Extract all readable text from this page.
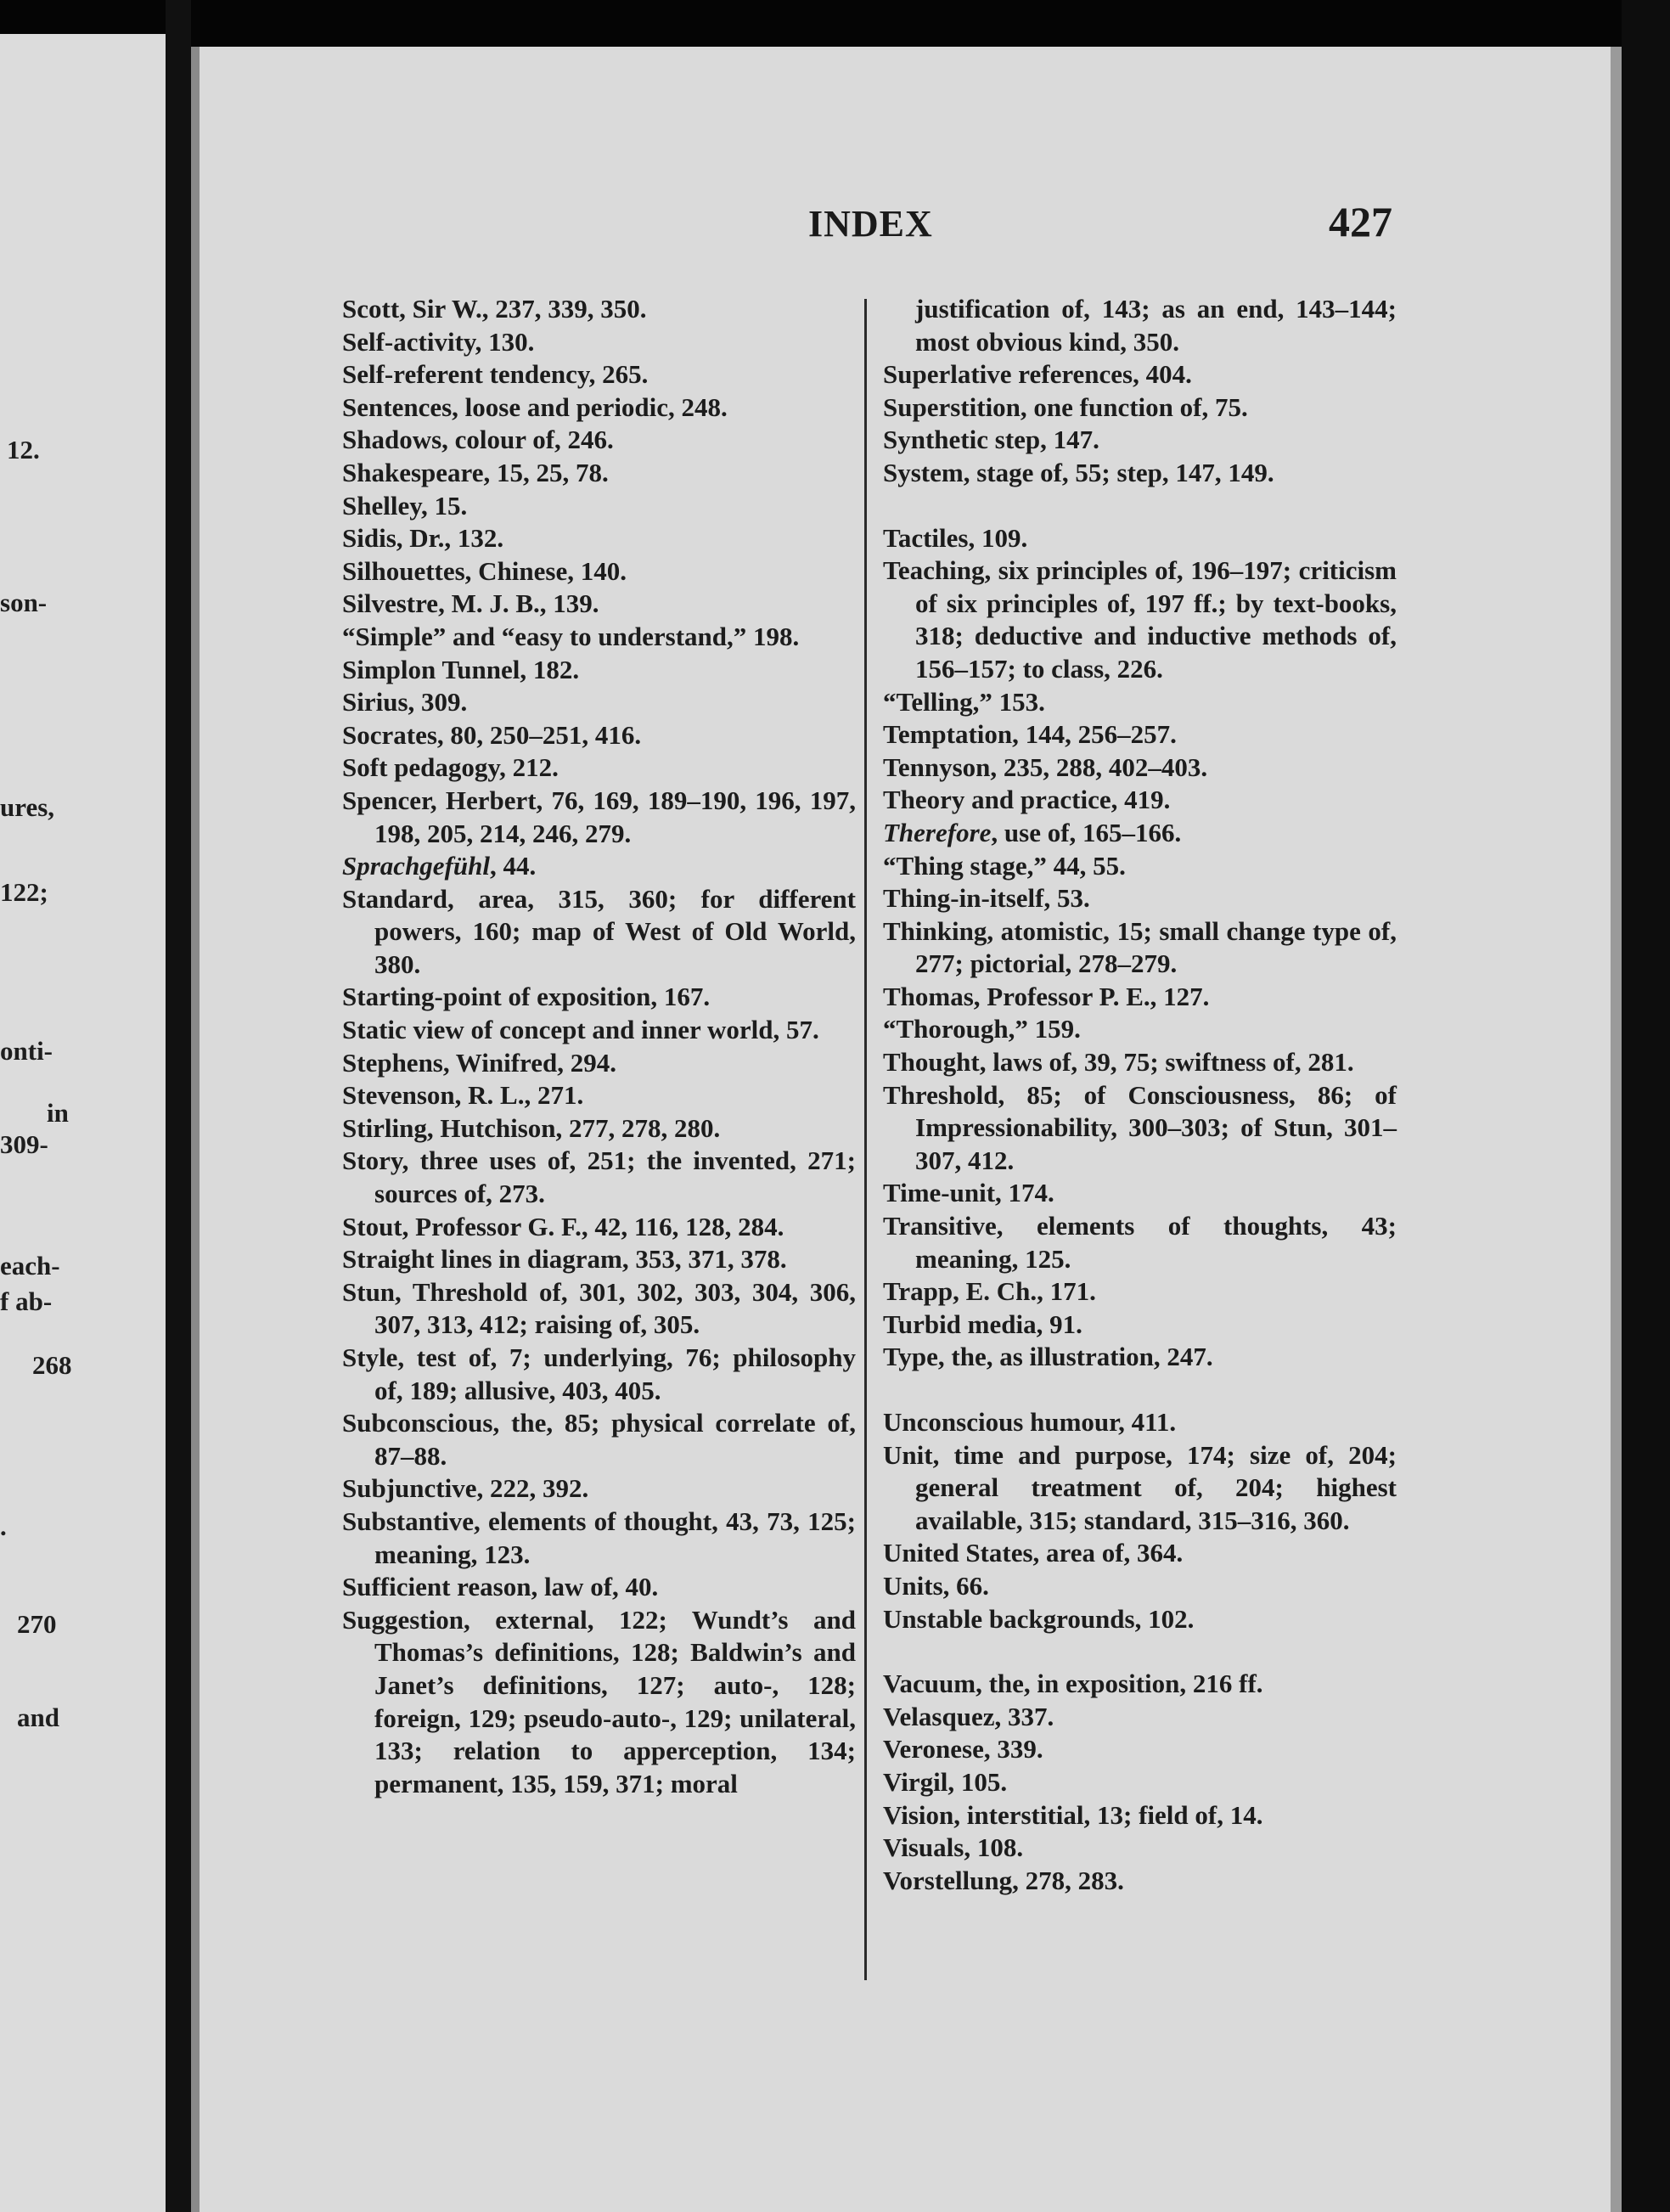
12.
son-
ures,
122;
onti-
in
309-
each-
f ab-
268
.
270
and
INDEX	427

Scott, Sir W., 237, 339, 350.

Self-activity, 130.

Self-referent tendency, 265.

Sentences, loose and periodic, 248.

Shadows, colour of, 246.

Shakespeare, 15, 25, 78.

Shelley, 15.

Sidis, Dr., 132.

Silhouettes, Chinese, 140.

Silvestre, M. J. B., 139.

“Simple” and “easy to understand,” 198.

Simplon Tunnel, 182.

Sirius, 309.

Socrates, 80, 250–251, 416.

Soft pedagogy, 212.

Spencer, Herbert, 76, 169, 189–190, 196, 197, 198, 205, 214, 246, 279.

Sprachgefühl, 44.

Standard, area, 315, 360; for different powers, 160; map of West of Old World, 380.

Starting-point of exposition, 167.

Static view of concept and inner world, 57.

Stephens, Winifred, 294.

Stevenson, R. L., 271.

Stirling, Hutchison, 277, 278, 280.

Story, three uses of, 251; the invented, 271; sources of, 273.

Stout, Professor G. F., 42, 116, 128, 284.

Straight lines in diagram, 353, 371, 378.

Stun, Threshold of, 301, 302, 303, 304, 306, 307, 313, 412; raising of, 305.

Style, test of, 7; underlying, 76; philosophy of, 189; allusive, 403, 405.

Subconscious, the, 85; physical correlate of, 87–88.

Subjunctive, 222, 392.

Substantive, elements of thought, 43, 73, 125; meaning, 123.

Sufficient reason, law of, 40.

Suggestion, external, 122; Wundt’s and Thomas’s definitions, 128; Baldwin’s and Janet’s definitions, 127; auto-, 128; foreign, 129; pseudo-auto-, 129; unilateral, 133; relation to apperception, 134; permanent, 135, 159, 371; moral

justification of, 143; as an end, 143–144; most obvious kind, 350.

Superlative references, 404.

Superstition, one function of, 75.

Synthetic step, 147.

System, stage of, 55; step, 147, 149.

Tactiles, 109.

Teaching, six principles of, 196–197; criticism of six principles of, 197 ff.; by text-books, 318; deductive and inductive methods of, 156–157; to class, 226.

“Telling,” 153.

Temptation, 144, 256–257.

Tennyson, 235, 288, 402–403.

Theory and practice, 419.

Therefore, use of, 165–166.

“Thing stage,” 44, 55.

Thing-in-itself, 53.

Thinking, atomistic, 15; small change type of, 277; pictorial, 278–279.

Thomas, Professor P. E., 127.

“Thorough,” 159.

Thought, laws of, 39, 75; swiftness of, 281.

Threshold, 85; of Consciousness, 86; of Impressionability, 300–303; of Stun, 301–307, 412.

Time-unit, 174.

Transitive, elements of thoughts, 43; meaning, 125.

Trapp, E. Ch., 171.

Turbid media, 91.

Type, the, as illustration, 247.

Unconscious humour, 411.

Unit, time and purpose, 174; size of, 204; general treatment of, 204; highest available, 315; standard, 315–316, 360.

United States, area of, 364.

Units, 66.

Unstable backgrounds, 102.

Vacuum, the, in exposition, 216 ff.

Velasquez, 337.

Veronese, 339.

Virgil, 105.

Vision, interstitial, 13; field of, 14.

Visuals, 108.

Vorstellung, 278, 283.
